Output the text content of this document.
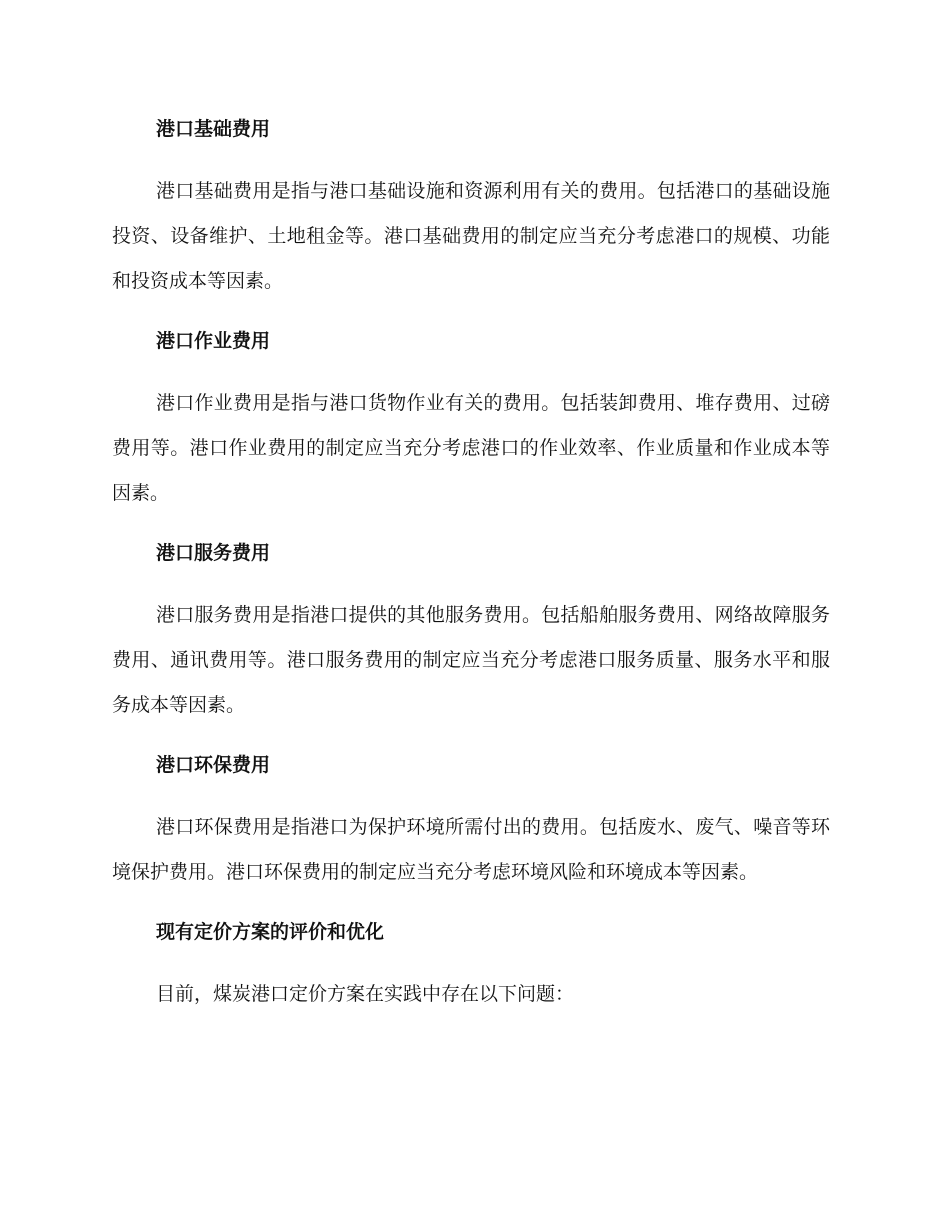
港口基础费用

港口基础费用是指与港口基础设施和资源利用有关的费用。包括港口的基础设施投资、设备维护、土地租金等。港口基础费用的制定应当充分考虑港口的规模、功能和投资成本等因素。

港口作业费用

港口作业费用是指与港口货物作业有关的费用。包括装卸费用、堆存费用、过磅费用等。港口作业费用的制定应当充分考虑港口的作业效率、作业质量和作业成本等因素。

港口服务费用

港口服务费用是指港口提供的其他服务费用。包括船舶服务费用、网络故障服务费用、通讯费用等。港口服务费用的制定应当充分考虑港口服务质量、服务水平和服务成本等因素。

港口环保费用

港口环保费用是指港口为保护环境所需付出的费用。包括废水、废气、噪音等环境保护费用。港口环保费用的制定应当充分考虑环境风险和环境成本等因素。

现有定价方案的评价和优化

目前，煤炭港口定价方案在实践中存在以下问题：
